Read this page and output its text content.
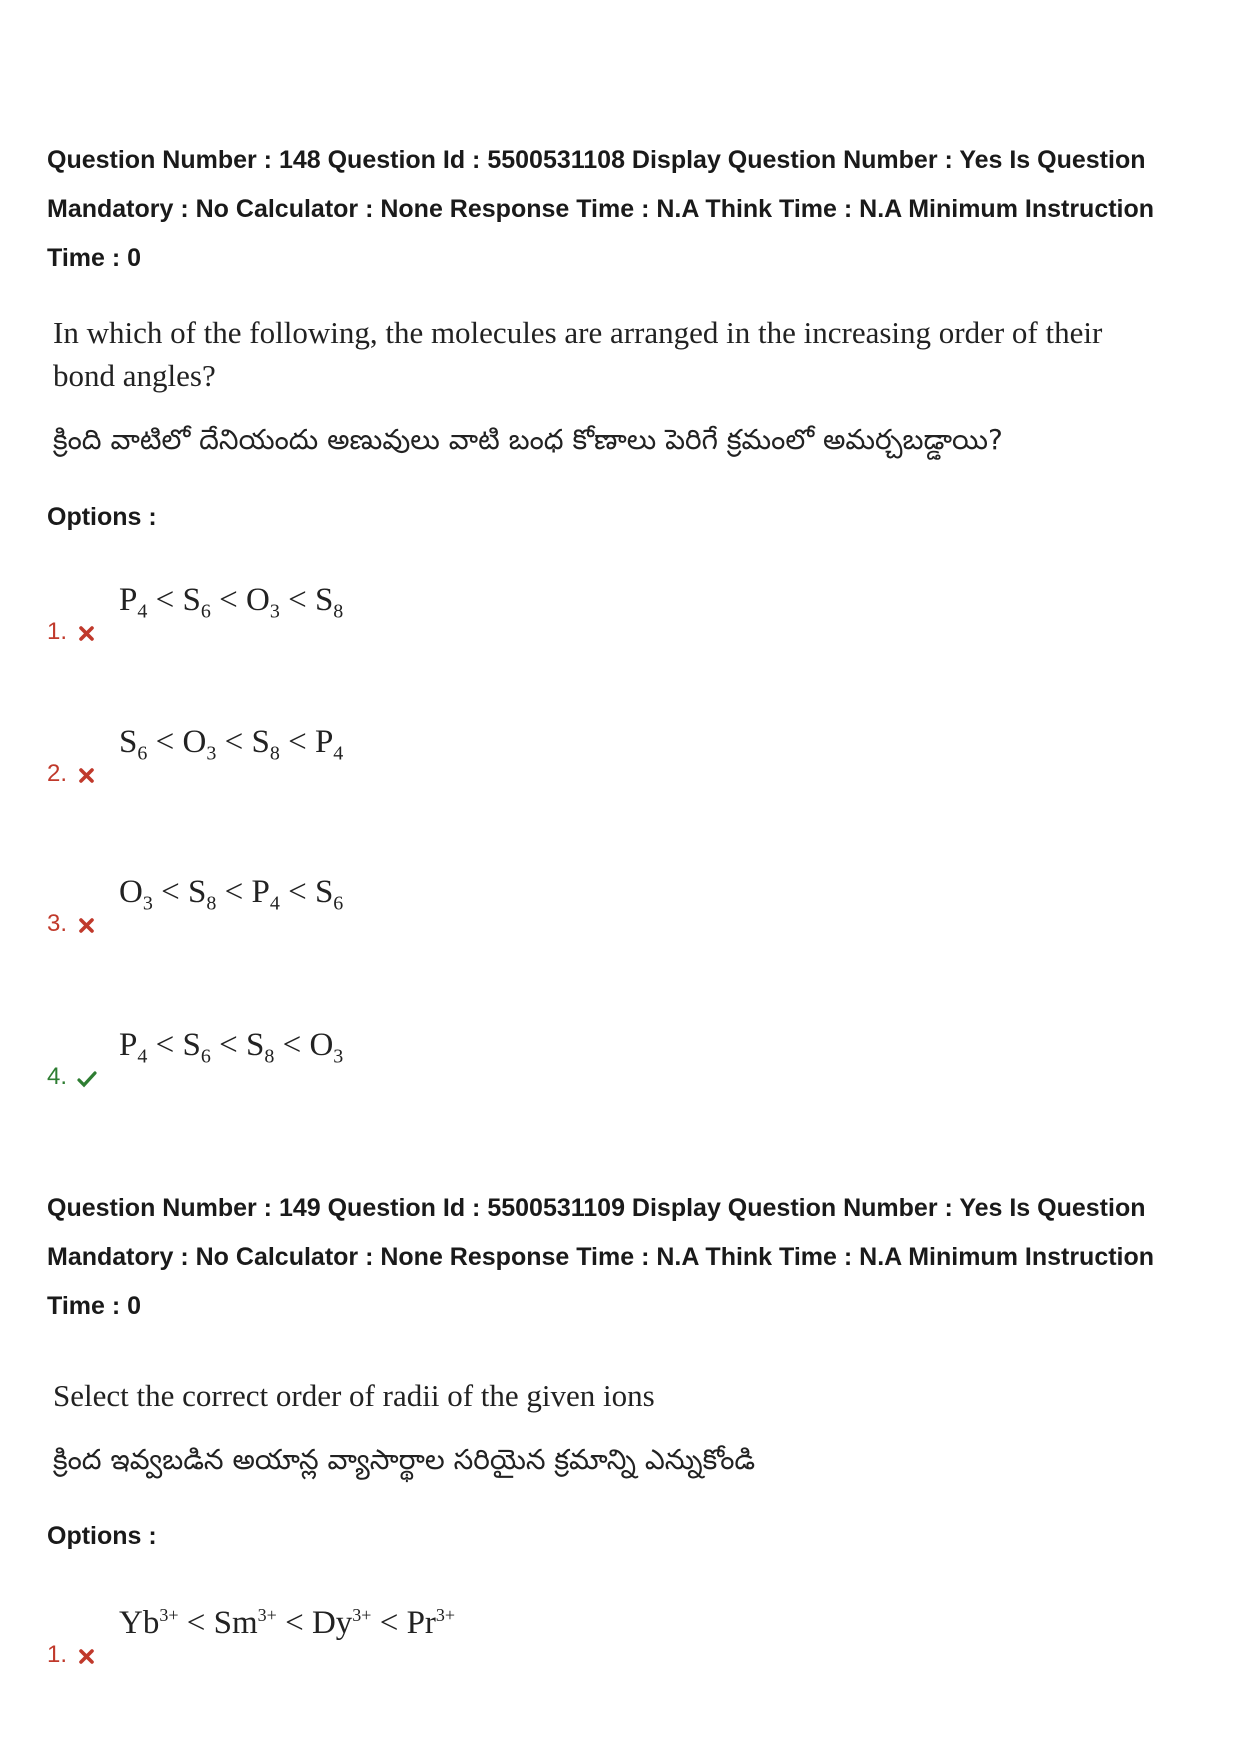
Question Number : 148 Question Id : 5500531108 Display Question Number : Yes Is Question
Mandatory : No Calculator : None Response Time : N.A Think Time : N.A Minimum Instruction
Time : 0
In which of the following, the molecules are arranged in the increasing order of their
bond angles?
క్రింది వాటిలో దేనియందు అణువులు వాటి బంధ కోణాలు పెరిగే క్రమంలో అమర్చబడ్డాయి?
Options :
1.
$P_4 < S_6 < O_3 < S_8$
2.
$S_6 < O_3 < S_8 < P_4$
3.
$O_3 < S_8 < P_4 < S_6$
4.
$P_4 < S_6 < S_8 < O_3$
Question Number : 149 Question Id : 5500531109 Display Question Number : Yes Is Question
Mandatory : No Calculator : None Response Time : N.A Think Time : N.A Minimum Instruction
Time : 0
Select the correct order of radii of the given ions
క్రింద ఇవ్వబడిన అయాన్ల వ్యాసార్థాల సరియైన క్రమాన్ని ఎన్నుకోండి
Options :
1.
$Yb^{3+} < Sm^{3+} < Dy^{3+} < Pr^{3+}$
